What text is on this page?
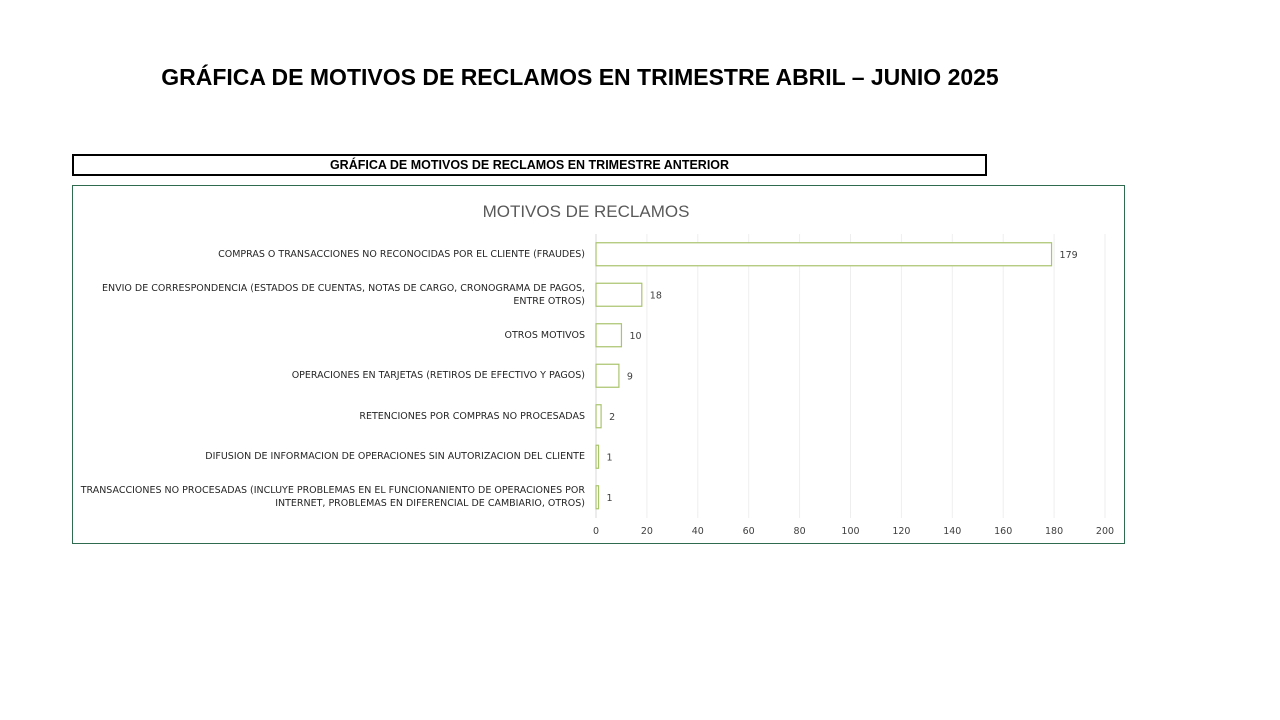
GRÁFICA DE MOTIVOS DE RECLAMOS EN TRIMESTRE ABRIL – JUNIO 2025
GRÁFICA DE MOTIVOS DE RECLAMOS EN TRIMESTRE ANTERIOR
0	20	40	60	80	100	120	140	160	180	200
179
18
10
9
2
1
1
MOTIVOS DE RECLAMOS
COMPRAS O TRANSACCIONES NO RECONOCIDAS POR EL CLIENTE (FRAUDES)
ENVIO DE CORRESPONDENCIA (ESTADOS DE CUENTAS, NOTAS DE CARGO, CRONOGRAMA DE PAGOS, ENTRE OTROS)
OTROS MOTIVOS
OPERACIONES EN TARJETAS (RETIROS DE EFECTIVO Y PAGOS)
RETENCIONES POR COMPRAS NO PROCESADAS
DIFUSION DE INFORMACION DE OPERACIONES SIN AUTORIZACION DEL CLIENTE
TRANSACCIONES NO PROCESADAS (INCLUYE PROBLEMAS EN EL FUNCIONANIENTO DE OPERACIONES POR INTERNET, PROBLEMAS EN DIFERENCIAL DE CAMBIARIO, OTROS)
